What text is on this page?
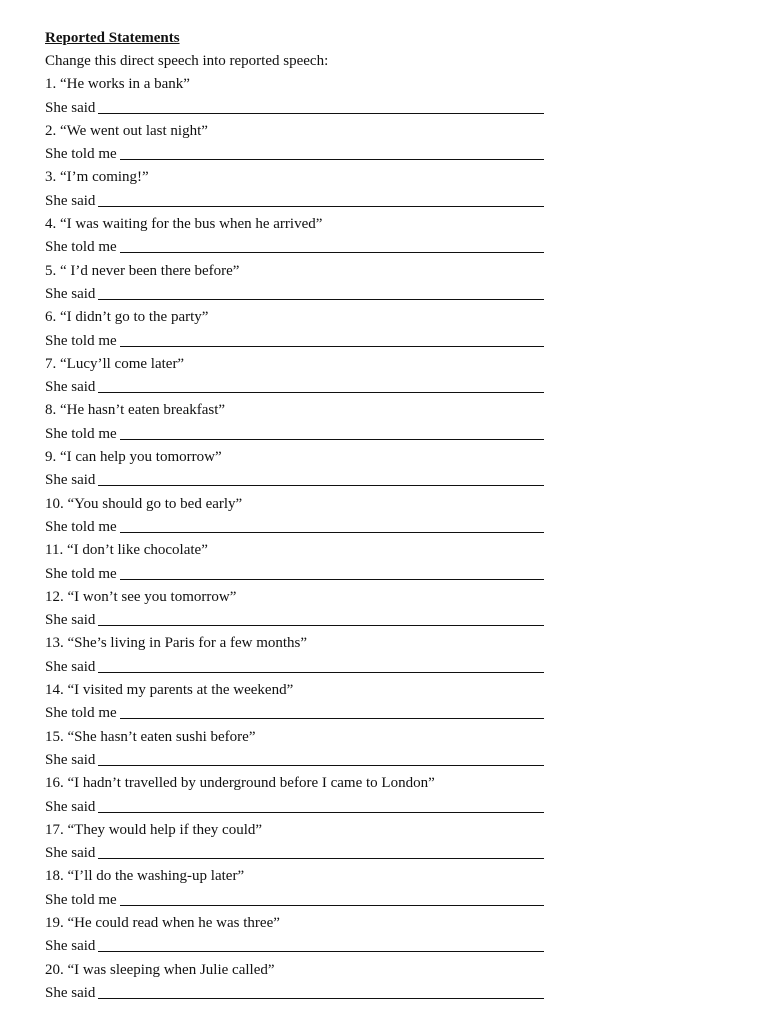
Reported Statements
Change this direct speech into reported speech:
1. “He works in a bank”
She said
2. “We went out last night”
She told me
3. “I’m coming!”
She said
4. “I was waiting for the bus when he arrived”
She told me
5. “ I’d never been there before”
She said
6. “I didn’t go to the party”
She told me
7. “Lucy’ll come later”
She said
8. “He hasn’t eaten breakfast”
She told me
9. “I can help you tomorrow”
She said
10. “You should go to bed early”
She told me
11. “I don’t like chocolate”
She told me
12. “I won’t see you tomorrow”
She said
13. “She’s living in Paris for a few months”
She said
14. “I visited my parents at the weekend”
She told me
15. “She hasn’t eaten sushi before”
She said
16. “I hadn’t travelled by underground before I came to London”
She said
17. “They would help if they could”
She said
18. “I’ll do the washing-up later”
She told me
19. “He could read when he was three”
She said
20. “I was sleeping when Julie called”
She said
